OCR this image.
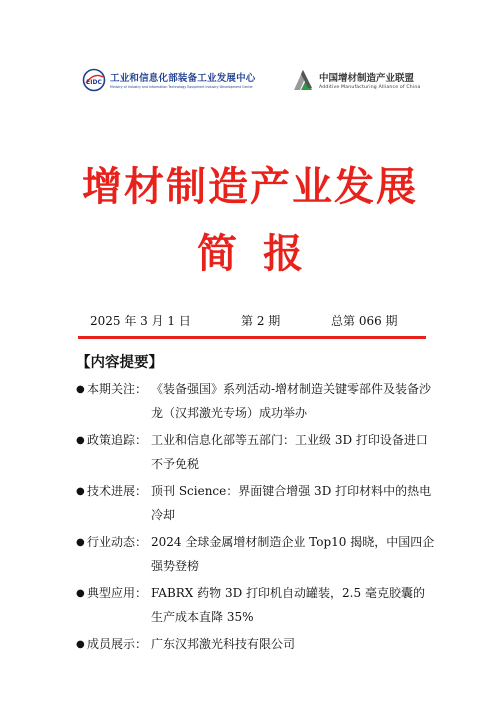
EIDC 工业和信息化部装备工业发展中心
Ministry of Industry and Information Technology Equipment Industry Development Center
中国增材制造产业联盟
Additive Manufacturing Alliance of China
增材制造产业发展
简报
2025 年 3 月 1 日	第 2 期	总第 066 期
【内容提要】
● 本期关注： 《装备强国》系列活动-增材制造关键零部件及装备沙龙（汉邦激光专场）成功举办
● 政策追踪： 工业和信息化部等五部门：工业级 3D 打印设备进口不予免税
● 技术进展： 顶刊 Science：界面键合增强 3D 打印材料中的热电冷却
● 行业动态： 2024 全球金属增材制造企业 Top10 揭晓，中国四企强势登榜
● 典型应用： FABRX 药物 3D 打印机自动罐装，2.5 毫克胶囊的生产成本直降 35%
● 成员展示： 广东汉邦激光科技有限公司
